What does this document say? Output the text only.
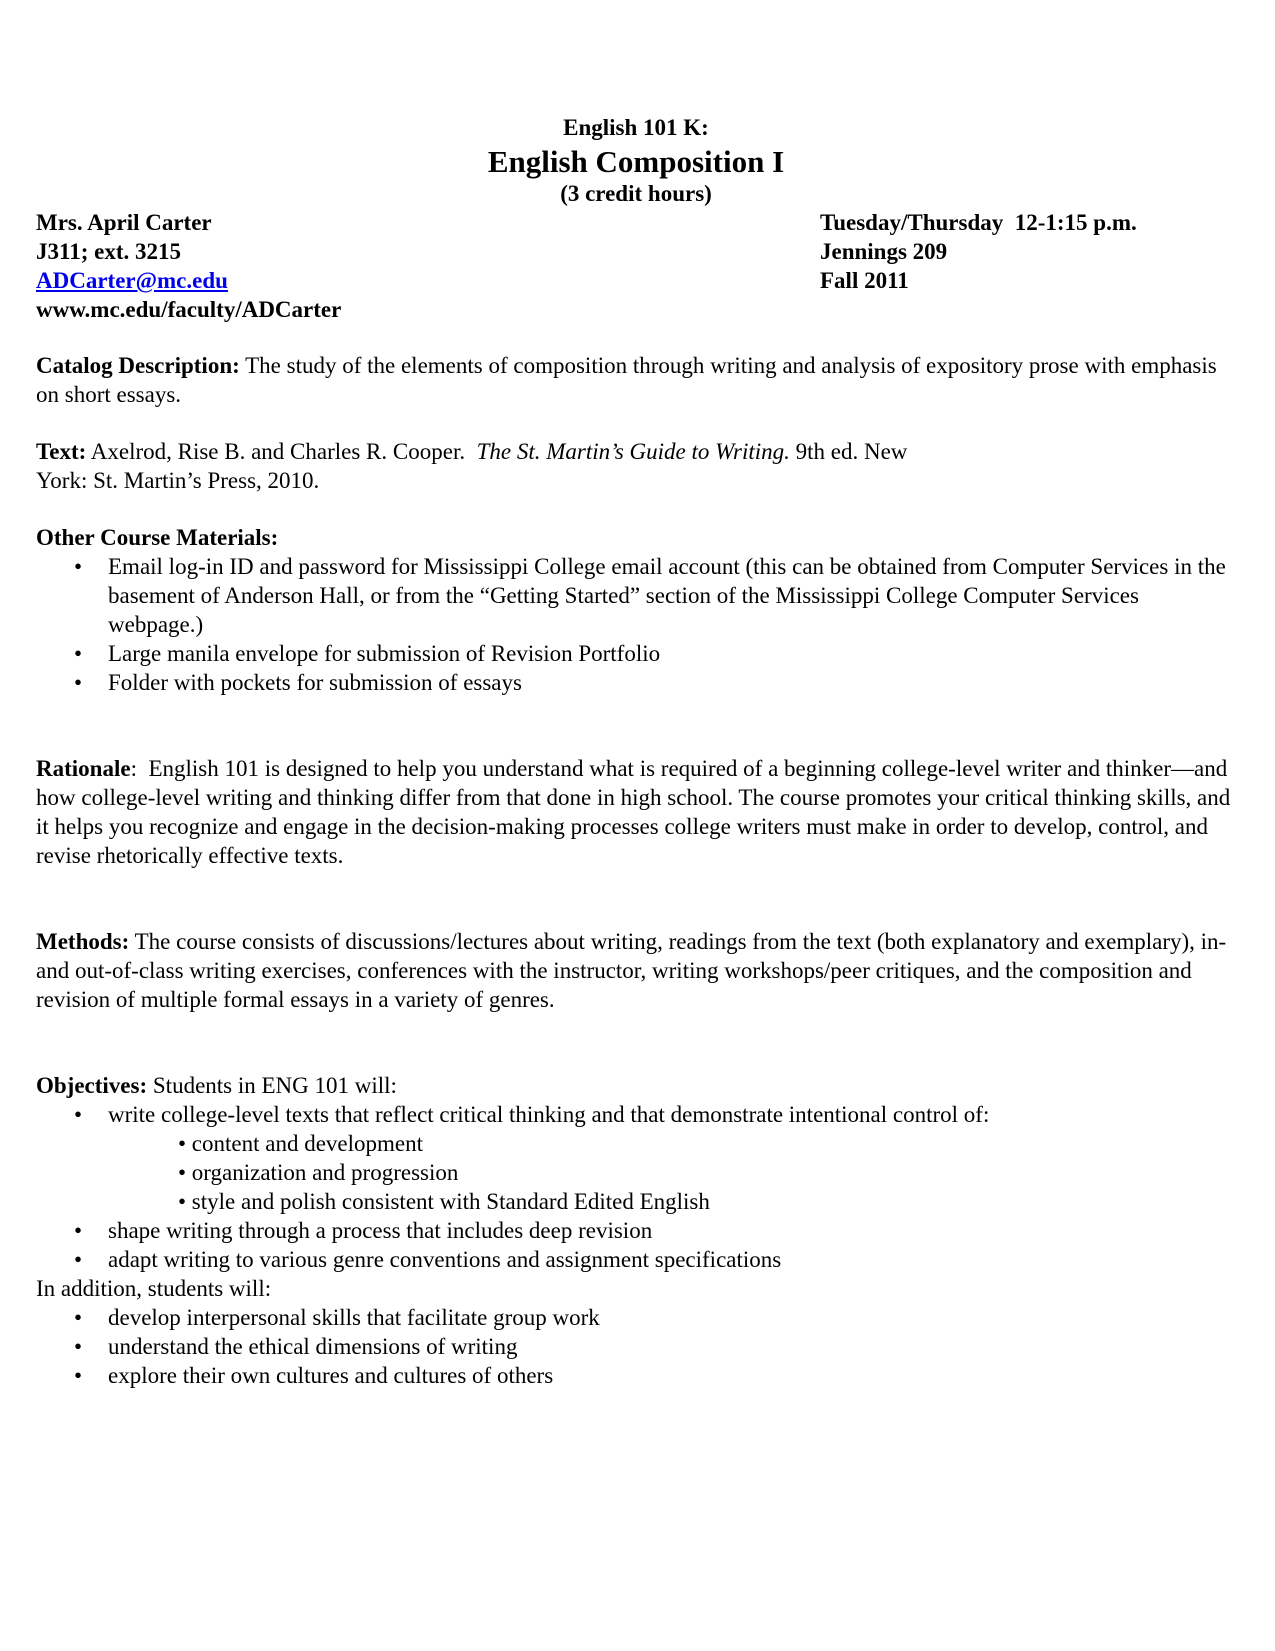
English 101 K:
English Composition I
(3 credit hours)
Mrs. April Carter
J311; ext. 3215
ADCarter@mc.edu
www.mc.edu/faculty/ADCarter
Tuesday/Thursday  12-1:15 p.m.
Jennings 209
Fall 2011

Catalog Description: The study of the elements of composition through writing and analysis of expository prose with emphasis on short essays.

Text: Axelrod, Rise B. and Charles R. Cooper.  The St. Martin’s Guide to Writing. 9th ed. New
York: St. Martin’s Press, 2010.

Other Course Materials:
• Email log-in ID and password for Mississippi College email account (this can be obtained from Computer Services in the basement of Anderson Hall, or from the “Getting Started” section of the Mississippi College Computer Services webpage.)
• Large manila envelope for submission of Revision Portfolio
• Folder with pockets for submission of essays

Rationale:  English 101 is designed to help you understand what is required of a beginning college-level writer and thinker—and how college-level writing and thinking differ from that done in high school. The course promotes your critical thinking skills, and it helps you recognize and engage in the decision-making processes college writers must make in order to develop, control, and revise rhetorically effective texts.

Methods: The course consists of discussions/lectures about writing, readings from the text (both explanatory and exemplary), in- and out-of-class writing exercises, conferences with the instructor, writing workshops/peer critiques, and the composition and revision of multiple formal essays in a variety of genres.

Objectives: Students in ENG 101 will:
• write college-level texts that reflect critical thinking and that demonstrate intentional control of:
• content and development
• organization and progression
• style and polish consistent with Standard Edited English
• shape writing through a process that includes deep revision
• adapt writing to various genre conventions and assignment specifications
In addition, students will:
• develop interpersonal skills that facilitate group work
• understand the ethical dimensions of writing
• explore their own cultures and cultures of others
